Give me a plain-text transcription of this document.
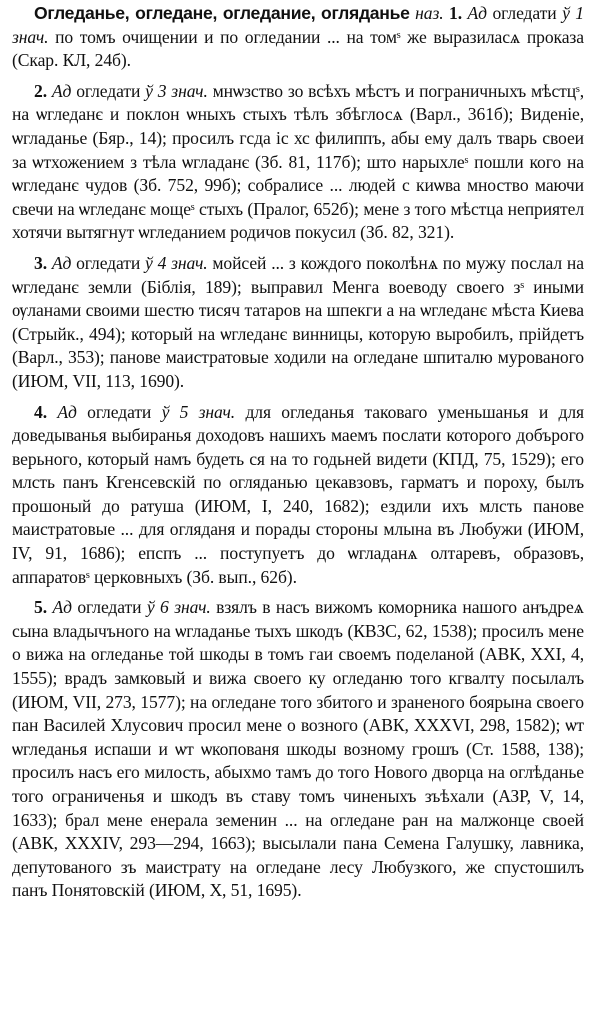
Огледанье, огледане, огледание, огляданье наз. 1. Ад огледати ў 1 знач. по томъ очищении и по огледании ... на томˢ же выразиласѧ проказа (Скар. КЛ, 24б).

2. Ад огледати ў 3 знач. мнѡзство зо всѣхъ мѣстъ и пограничныхъ мѣстцˢ, на ѡгледанє и поклон ѡныхъ стыхъ тѣлъ збѣглосѧ (Варл., 361б); Виденіе, ѡгладанье (Бяр., 14); просилъ гсда іс хс филиппъ, абы ему далъ тварь своеи за ѡтхожением з тѣла ѡгладанє (Зб. 81, 117б); што нарыхлеˢ пошли кого на ѡгледанє чудов (Зб. 752, 99б); собралисе ... людей с киѡва мноство маючи свечи на ѡгледанє мощеˢ стыхъ (Пралог, 652б); мене з того мѣстца неприятел хотячи вытягнут ѡгледанием родичов покусил (Зб. 82, 321).

3. Ад огледати ў 4 знач. мойсей ... з кождого поколѣнѧ по мужу послал на ѡгледанє земли (Біблія, 189); выправил Менга воеводу своего зˢ иными ѹланами своими шестю тисяч татаров на шпекги а на ѡгледанє мѣста Киева (Стрыйк., 494); который на ѡгледанє винницы, которую выробилъ, прійдетъ (Варл., 353); панове маистратовые ходили на огледане шпиталю мурованого (ИЮМ, VII, 113, 1690).

4. Ад огледати ў 5 знач. для огледанья таковаго уменьшанья и для доведыванья выбиранья доходовъ нашихъ маемъ послати которого добърого верьного, который намъ будеть ся на то годьней видети (КПД, 75, 1529); его млсть панъ Кгенсевскій по огляданью цекавзовъ, гарматъ и пороху, былъ прошоный до ратуша (ИЮМ, I, 240, 1682); ездили ихъ млсть панове маистратовые ... для огляданя и порады стороны млына въ Любужи (ИЮМ, IV, 91, 1686); епспъ ... поступуетъ до ѡгладанѧ олтаревъ, образовъ, аппаратовˢ церковныхъ (Зб. вып., 62б).

5. Ад огледати ў 6 знач. взялъ в насъ вижомъ коморника нашого анъдреѧ сына владычъного на ѡгладанье тыхъ шкодъ (КВЗС, 62, 1538); просилъ мене о вижа на огледанье той шкоды в томъ гаи своемъ поделаной (АВК, XXI, 4, 1555); врадъ замковый и вижа своего ку огледаню того кгвалту посылалъ (ИЮМ, VII, 273, 1577); на огледане того збитого и зраненого боярына своего пан Василей Хлусович просил мене о возного (АВК, XXXVI, 298, 1582); ѡт ѡгледанья испаши и ѡт ѡкопованя шкоды возному грошъ (Ст. 1588, 138); просилъ насъ его милость, абыхмо тамъ до того Нового дворца на оглѣданье того ограниченья и шкодъ въ ставу томъ чиненыхъ зъѣхали (АЗР, V, 14, 1633); брал мене енерала земенин ... на огледане ран на малжонце своей (АВК, XXXIV, 293—294, 1663); высылали пана Семена Галушку, лавника, депутованого зъ маистрату на огледане лесу Любузкого, же спустошилъ панъ Понятовскій (ИЮМ, X, 51, 1695).
